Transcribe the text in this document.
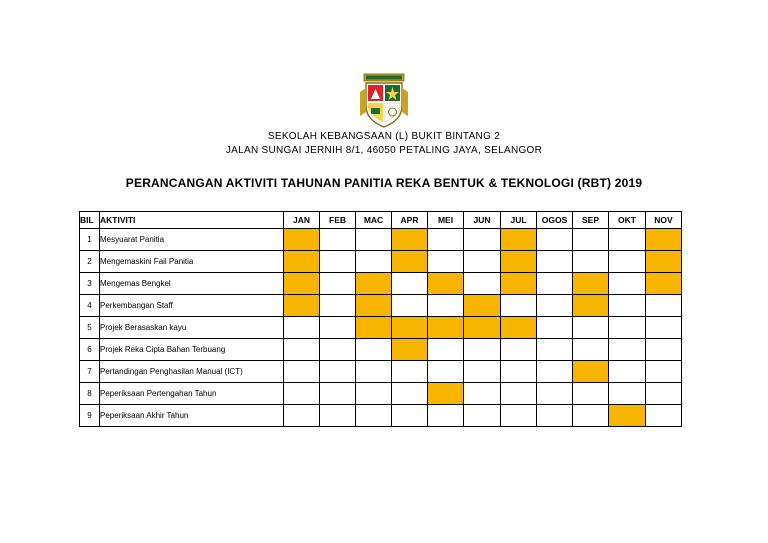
SEKOLAH KEBANGSAAN (L) BUKIT BINTANG 2
JALAN SUNGAI JERNIH 8/1, 46050 PETALING JAYA, SELANGOR
PERANCANGAN AKTIVITI TAHUNAN PANITIA REKA BENTUK & TEKNOLOGI (RBT) 2019
BIL	AKTIVITI	JAN	FEB	MAC	APR	MEI	JUN	JUL	OGOS	SEP	OKT	NOV
1	Mesyuarat Panitia											
2	Mengemaskini Fail Panitia											
3	Mengemas Bengkel											
4	Perkembangan Staff											
5	Projek Berasaskan kayu											
6	Projek Reka Cipta Bahan Terbuang											
7	Pertandingan Penghasilan Manual (ICT)											
8	Peperiksaan Pertengahan Tahun											
9	Peperiksaan Akhir Tahun											
